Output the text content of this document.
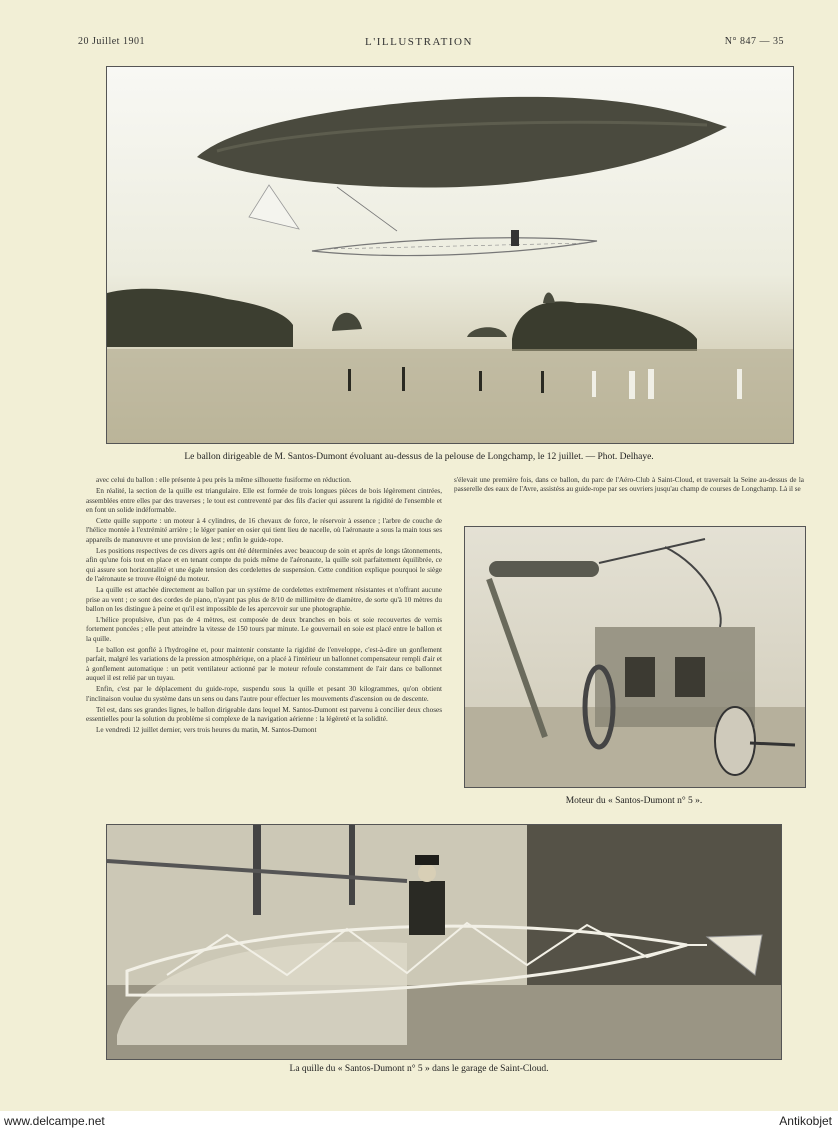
20 Juillet 1901	L'ILLUSTRATION	N° 847 — 35
Le ballon dirigeable de M. Santos-Dumont évoluant au-dessus de la pelouse de Longchamp, le 12 juillet. — Phot. Delhaye.

avec celui du ballon : elle présente à peu près la même silhouette fusiforme en réduction.

En réalité, la section de la quille est triangulaire. Elle est formée de trois longues pièces de bois légèrement cintrées, assemblées entre elles par des traverses ; le tout est contreventé par des fils d'acier qui assurent la rigidité de l'ensemble et en font un solide indéformable.

Cette quille supporte : un moteur à 4 cylindres, de 16 chevaux de force, le réservoir à essence ; l'arbre de couche de l'hélice montée à l'extrémité arrière ; le léger panier en osier qui tient lieu de nacelle, où l'aéronaute a sous la main tous ses appareils de manœuvre et une provision de lest ; enfin le guide-rope.

Les positions respectives de ces divers agrès ont été déterminées avec beaucoup de soin et après de longs tâtonnements, afin qu'une fois tout en place et en tenant compte du poids même de l'aéronaute, la quille soit parfaitement équilibrée, ce qui assure son horizontalité et une égale tension des cordelettes de suspension. Cette condition explique pourquoi le siège de l'aéronaute se trouve éloigné du moteur.

La quille est attachée directement au ballon par un système de cordelettes extrêmement résistantes et n'offrant aucune prise au vent ; ce sont des cordes de piano, n'ayant pas plus de 8/10 de millimètre de diamètre, de sorte qu'à 10 mètres du ballon on les distingue à peine et qu'il est impossible de les apercevoir sur une photographie.

L'hélice propulsive, d'un pas de 4 mètres, est composée de deux branches en bois et soie recouvertes de vernis fortement poncées ; elle peut atteindre la vitesse de 150 tours par minute. Le gouvernail en soie est placé entre le ballon et la quille.

Le ballon est gonflé à l'hydrogène et, pour maintenir constante la rigidité de l'enveloppe, c'est-à-dire un gonflement parfait, malgré les variations de la pression atmosphérique, on a placé à l'intérieur un ballonnet compensateur rempli d'air et à gonflement automatique : un petit ventilateur actionné par le moteur refoule constamment de l'air dans ce ballonnet auquel il est relié par un tuyau.

Enfin, c'est par le déplacement du guide-rope, suspendu sous la quille et pesant 30 kilogrammes, qu'on obtient l'inclinaison voulue du système dans un sens ou dans l'autre pour effectuer les mouvements d'ascension ou de descente.

Tel est, dans ses grandes lignes, le ballon dirigeable dans lequel M. Santos-Dumont est parvenu à concilier deux choses essentielles pour la solution du problème si complexe de la navigation aérienne : la légèreté et la solidité.

Le vendredi 12 juillet dernier, vers trois heures du matin, M. Santos-Dumont

s'élevait une première fois, dans ce ballon, du parc de l'Aéro-Club à Saint-Cloud, et traversait la Seine au-dessus de la passerelle des eaux de l'Avre, assistéss au guide-rope par ses ouvriers jusqu'au champ de courses de Longchamp. Là il se

Moteur du « Santos-Dumont n° 5 ».
La quille du « Santos-Dumont n° 5 » dans le garage de Saint-Cloud.
www.delcampe.net	Antikobjet
